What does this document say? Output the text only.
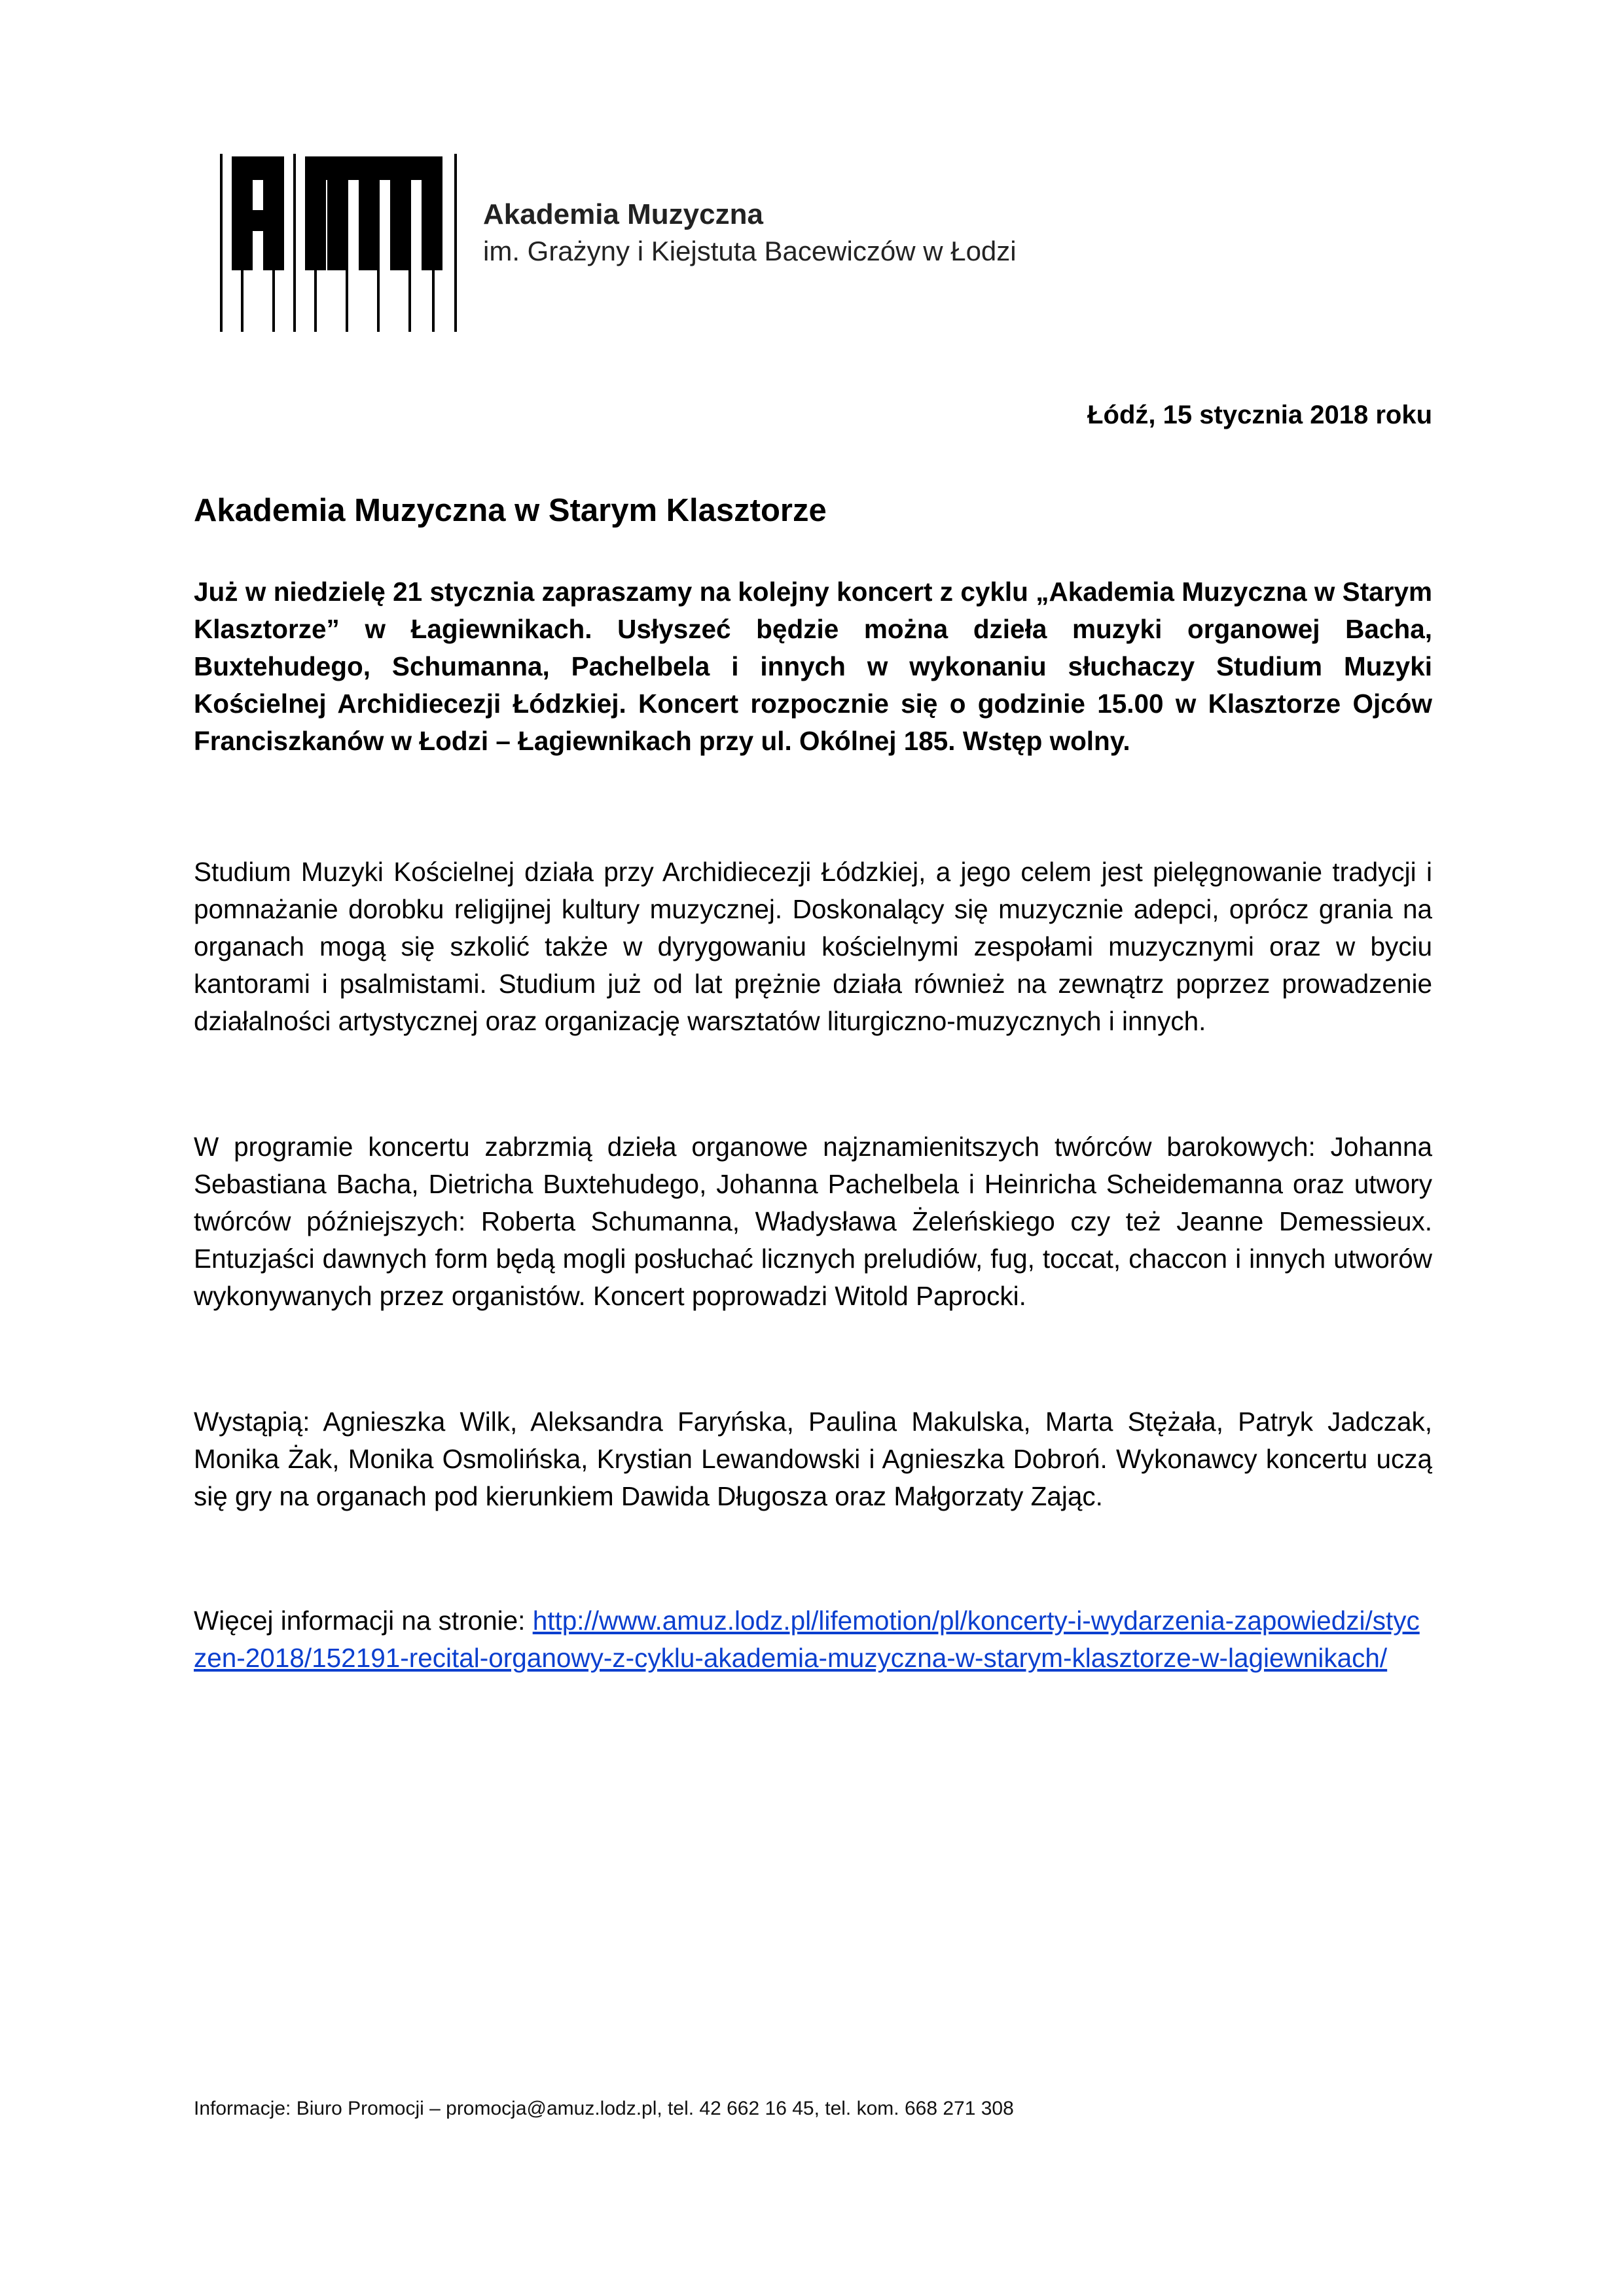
Akademia Muzyczna
im. Grażyny i Kiejstuta Bacewiczów w Łodzi
Łódź, 15 stycznia 2018 roku
Akademia Muzyczna w Starym Klasztorze

Już w niedzielę 21 stycznia zapraszamy na kolejny koncert z cyklu „Akademia Muzyczna w Starym Klasztorze” w Łagiewnikach. Usłyszeć będzie można dzieła muzyki organowej Bacha, Buxtehudego, Schumanna, Pachelbela i innych w wykonaniu słuchaczy Studium Muzyki Kościelnej Archidiecezji Łódzkiej. Koncert rozpocznie się o godzinie 15.00 w Klasztorze Ojców Franciszkanów w Łodzi – Łagiewnikach przy ul. Okólnej 185. Wstęp wolny.

Studium Muzyki Kościelnej działa przy Archidiecezji Łódzkiej, a jego celem jest pielęgnowanie tradycji i pomnażanie dorobku religijnej kultury muzycznej. Doskonalący się muzycznie adepci, oprócz grania na organach mogą się szkolić także w dyrygowaniu kościelnymi zespołami muzycznymi oraz w byciu kantorami i psalmistami. Studium już od lat prężnie działa również na zewnątrz poprzez prowadzenie działalności artystycznej oraz organizację warsztatów liturgiczno-muzycznych i innych.

W programie koncertu zabrzmią dzieła organowe najznamienitszych twórców barokowych: Johanna Sebastiana Bacha, Dietricha Buxtehudego, Johanna Pachelbela i Heinricha Scheidemanna oraz utwory twórców późniejszych: Roberta Schumanna, Władysława Żeleńskiego czy też Jeanne Demessieux. Entuzjaści dawnych form będą mogli posłuchać licznych preludiów, fug, toccat, chaccon i innych utworów wykonywanych przez organistów. Koncert poprowadzi Witold Paprocki.

Wystąpią: Agnieszka Wilk, Aleksandra Faryńska, Paulina Makulska, Marta Stężała, Patryk Jadczak, Monika Żak, Monika Osmolińska, Krystian Lewandowski i Agnieszka Dobroń. Wykonawcy koncertu uczą się gry na organach pod kierunkiem Dawida Długosza oraz Małgorzaty Zając.

Więcej informacji na stronie: http://www.amuz.lodz.pl/lifemotion/pl/koncerty-i-wydarzenia-zapowiedzi/styczen-2018/152191-recital-organowy-z-cyklu-akademia-muzyczna-w-starym-klasztorze-w-lagiewnikach/

Informacje: Biuro Promocji – promocja@amuz.lodz.pl, tel. 42 662 16 45, tel. kom. 668 271 308
